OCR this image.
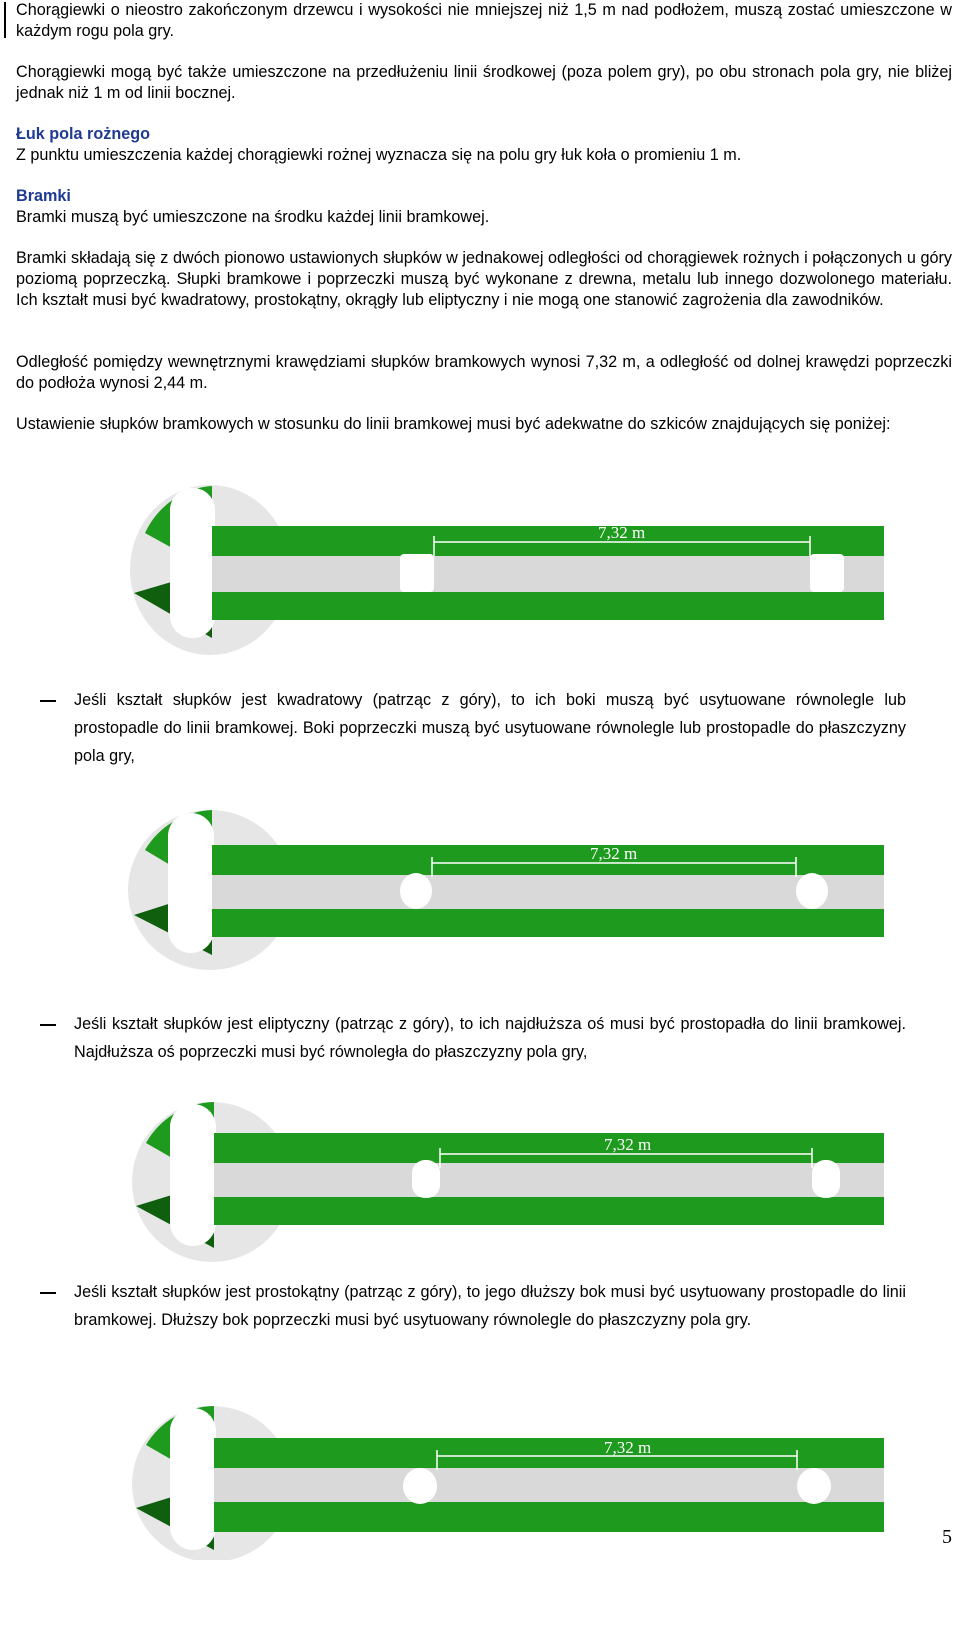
Chorągiewki o nieostro zakończonym drzewcu i wysokości nie mniejszej niż 1,5 m nad podłożem, muszą zostać umieszczone w każdym rogu pola gry.

Chorągiewki mogą być także umieszczone na przedłużeniu linii środkowej (poza polem gry), po obu stronach pola gry, nie bliżej jednak niż 1 m od linii bocznej.

Łuk pola rożnego

Z punktu umieszczenia każdej chorągiewki rożnej wyznacza się na polu gry łuk koła o promieniu 1 m.

Bramki

Bramki muszą być umieszczone na środku każdej linii bramkowej.

Bramki składają się z dwóch pionowo ustawionych słupków w jednakowej odległości od chorągiewek rożnych i połączonych u góry poziomą poprzeczką. Słupki bramkowe i poprzeczki muszą być wykonane z drewna, metalu lub innego dozwolonego materiału. Ich kształt musi być kwadratowy, prostokątny, okrągły lub eliptyczny i nie mogą one stanowić zagrożenia dla zawodników.

Odległość pomiędzy wewnętrznymi krawędziami słupków bramkowych wynosi 7,32 m, a odległość od dolnej krawędzi poprzeczki do podłoża wynosi 2,44 m.

Ustawienie słupków bramkowych w stosunku do linii bramkowej musi być adekwatne do szkiców znajdujących się poniżej:

7,32 m

Jeśli kształt słupków jest kwadratowy (patrząc z góry), to ich boki muszą być usytuowane równolegle lub prostopadle do linii bramkowej. Boki poprzeczki muszą być usytuowane równolegle lub prostopadle do płaszczyzny pola gry,

7,32 m

Jeśli kształt słupków jest eliptyczny (patrząc z góry), to ich najdłuższa oś musi być prostopadła do linii bramkowej. Najdłuższa oś poprzeczki musi być równoległa do płaszczyzny pola gry,

7,32 m

Jeśli kształt słupków jest prostokątny (patrząc z góry), to jego dłuższy bok musi być usytuowany prostopadle do linii bramkowej. Dłuższy bok poprzeczki musi być usytuowany równolegle do płaszczyzny pola gry.

7,32 m
5
